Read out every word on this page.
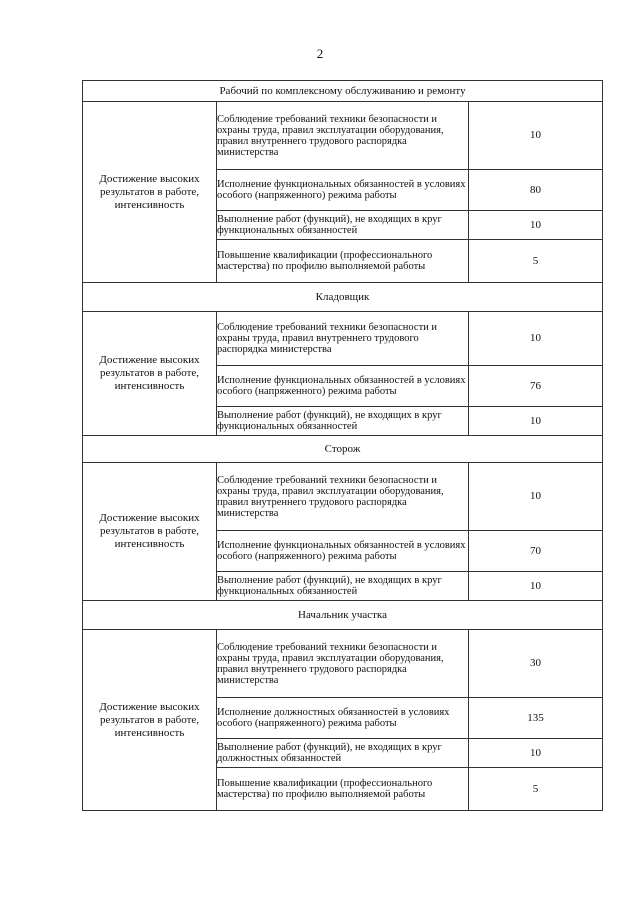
2
Рабочий по комплексному обслуживанию и ремонту		
Достижение высоких результатов в работе, интенсивность	Соблюдение требований техники безопасности и охраны труда, правил эксплуатации оборудования, правил внутреннего трудового распорядка министерства	10
	Исполнение функциональных обязанностей в условиях особого (напряженного) режима работы	80
	Выполнение работ (функций), не входящих в круг функциональных обязанностей	10
	Повышение квалификации (профессионального мастерства) по профилю выполняемой работы	5
Кладовщик		
Достижение высоких результатов в работе, интенсивность	Соблюдение требований техники безопасности и охраны труда, правил внутреннего трудового распорядка министерства	10
	Исполнение функциональных обязанностей в условиях особого (напряженного) режима работы	76
	Выполнение работ (функций), не входящих в круг функциональных обязанностей	10
Сторож		
Достижение высоких результатов в работе, интенсивность	Соблюдение требований техники безопасности и охраны труда, правил эксплуатации оборудования, правил внутреннего трудового распорядка министерства	10
	Исполнение функциональных обязанностей в условиях особого (напряженного) режима работы	70
	Выполнение работ (функций), не входящих в круг функциональных обязанностей	10
Начальник участка		
Достижение высоких результатов в работе, интенсивность	Соблюдение требований техники безопасности и охраны труда, правил эксплуатации оборудования, правил внутреннего трудового распорядка министерства	30
	Исполнение должностных обязанностей в условиях особого (напряженного) режима работы	135
	Выполнение работ (функций), не входящих в круг должностных обязанностей	10
	Повышение квалификации (профессионального мастерства) по профилю выполняемой работы	5
